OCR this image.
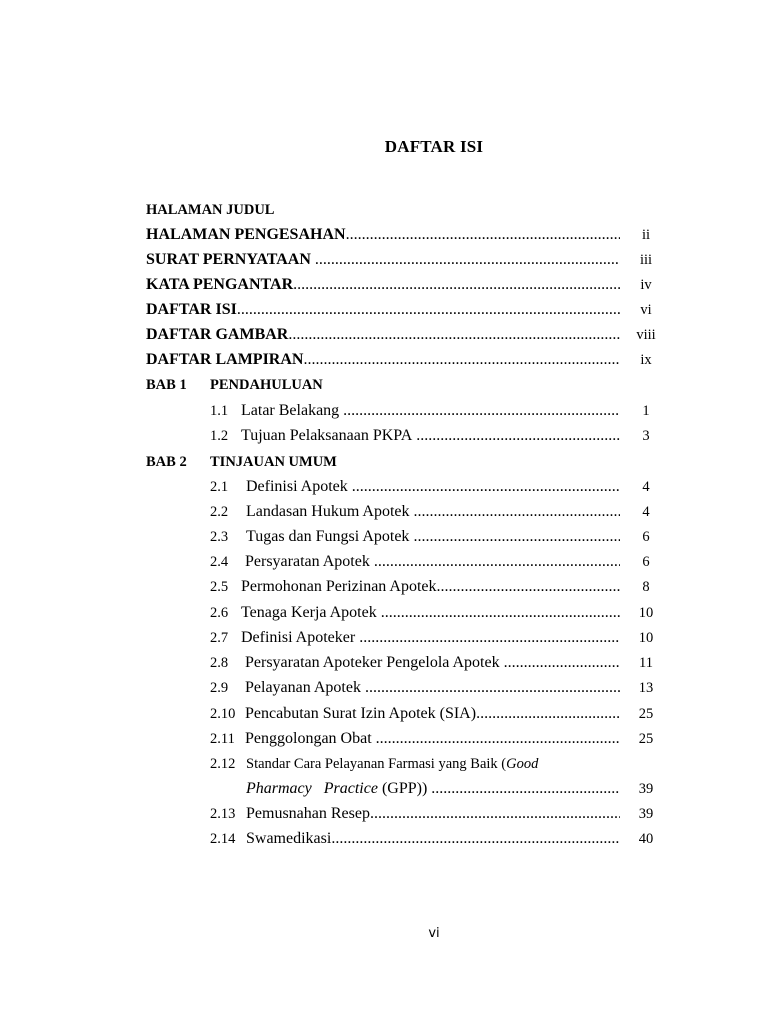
DAFTAR ISI
HALAMAN JUDUL
HALAMAN PENGESAHAN .....	ii
SURAT PERNYATAAN .....	iii
KATA PENGANTAR .....	iv
DAFTAR ISI .....	vi
DAFTAR GAMBAR .....	viii
DAFTAR LAMPIRAN .....	ix
BAB 1 PENDAHULUAN
1.1 Latar Belakang .....	1
1.2 Tujuan Pelaksanaan PKPA .....	3
BAB 2 TINJAUAN UMUM
2.1 Definisi Apotek .....	4
2.2 Landasan Hukum Apotek .....	4
2.3 Tugas dan Fungsi Apotek .....	6
2.4 Persyaratan Apotek .....	6
2.5 Permohonan Perizinan Apotek .....	8
2.6 Tenaga Kerja Apotek .....	10
2.7 Definisi Apoteker .....	10
2.8 Persyaratan Apoteker Pengelola Apotek .....	11
2.9 Pelayanan Apotek .....	13
2.10 Pencabutan Surat Izin Apotek (SIA) .....	25
2.11 Penggolongan Obat .....	25
2.12 Standar Cara Pelayanan Farmasi yang Baik (Good
Pharmacy   Practice (GPP)) .....	39
2.13 Pemusnahan Resep .....	39
2.14 Swamedikasi .....	40
vi
